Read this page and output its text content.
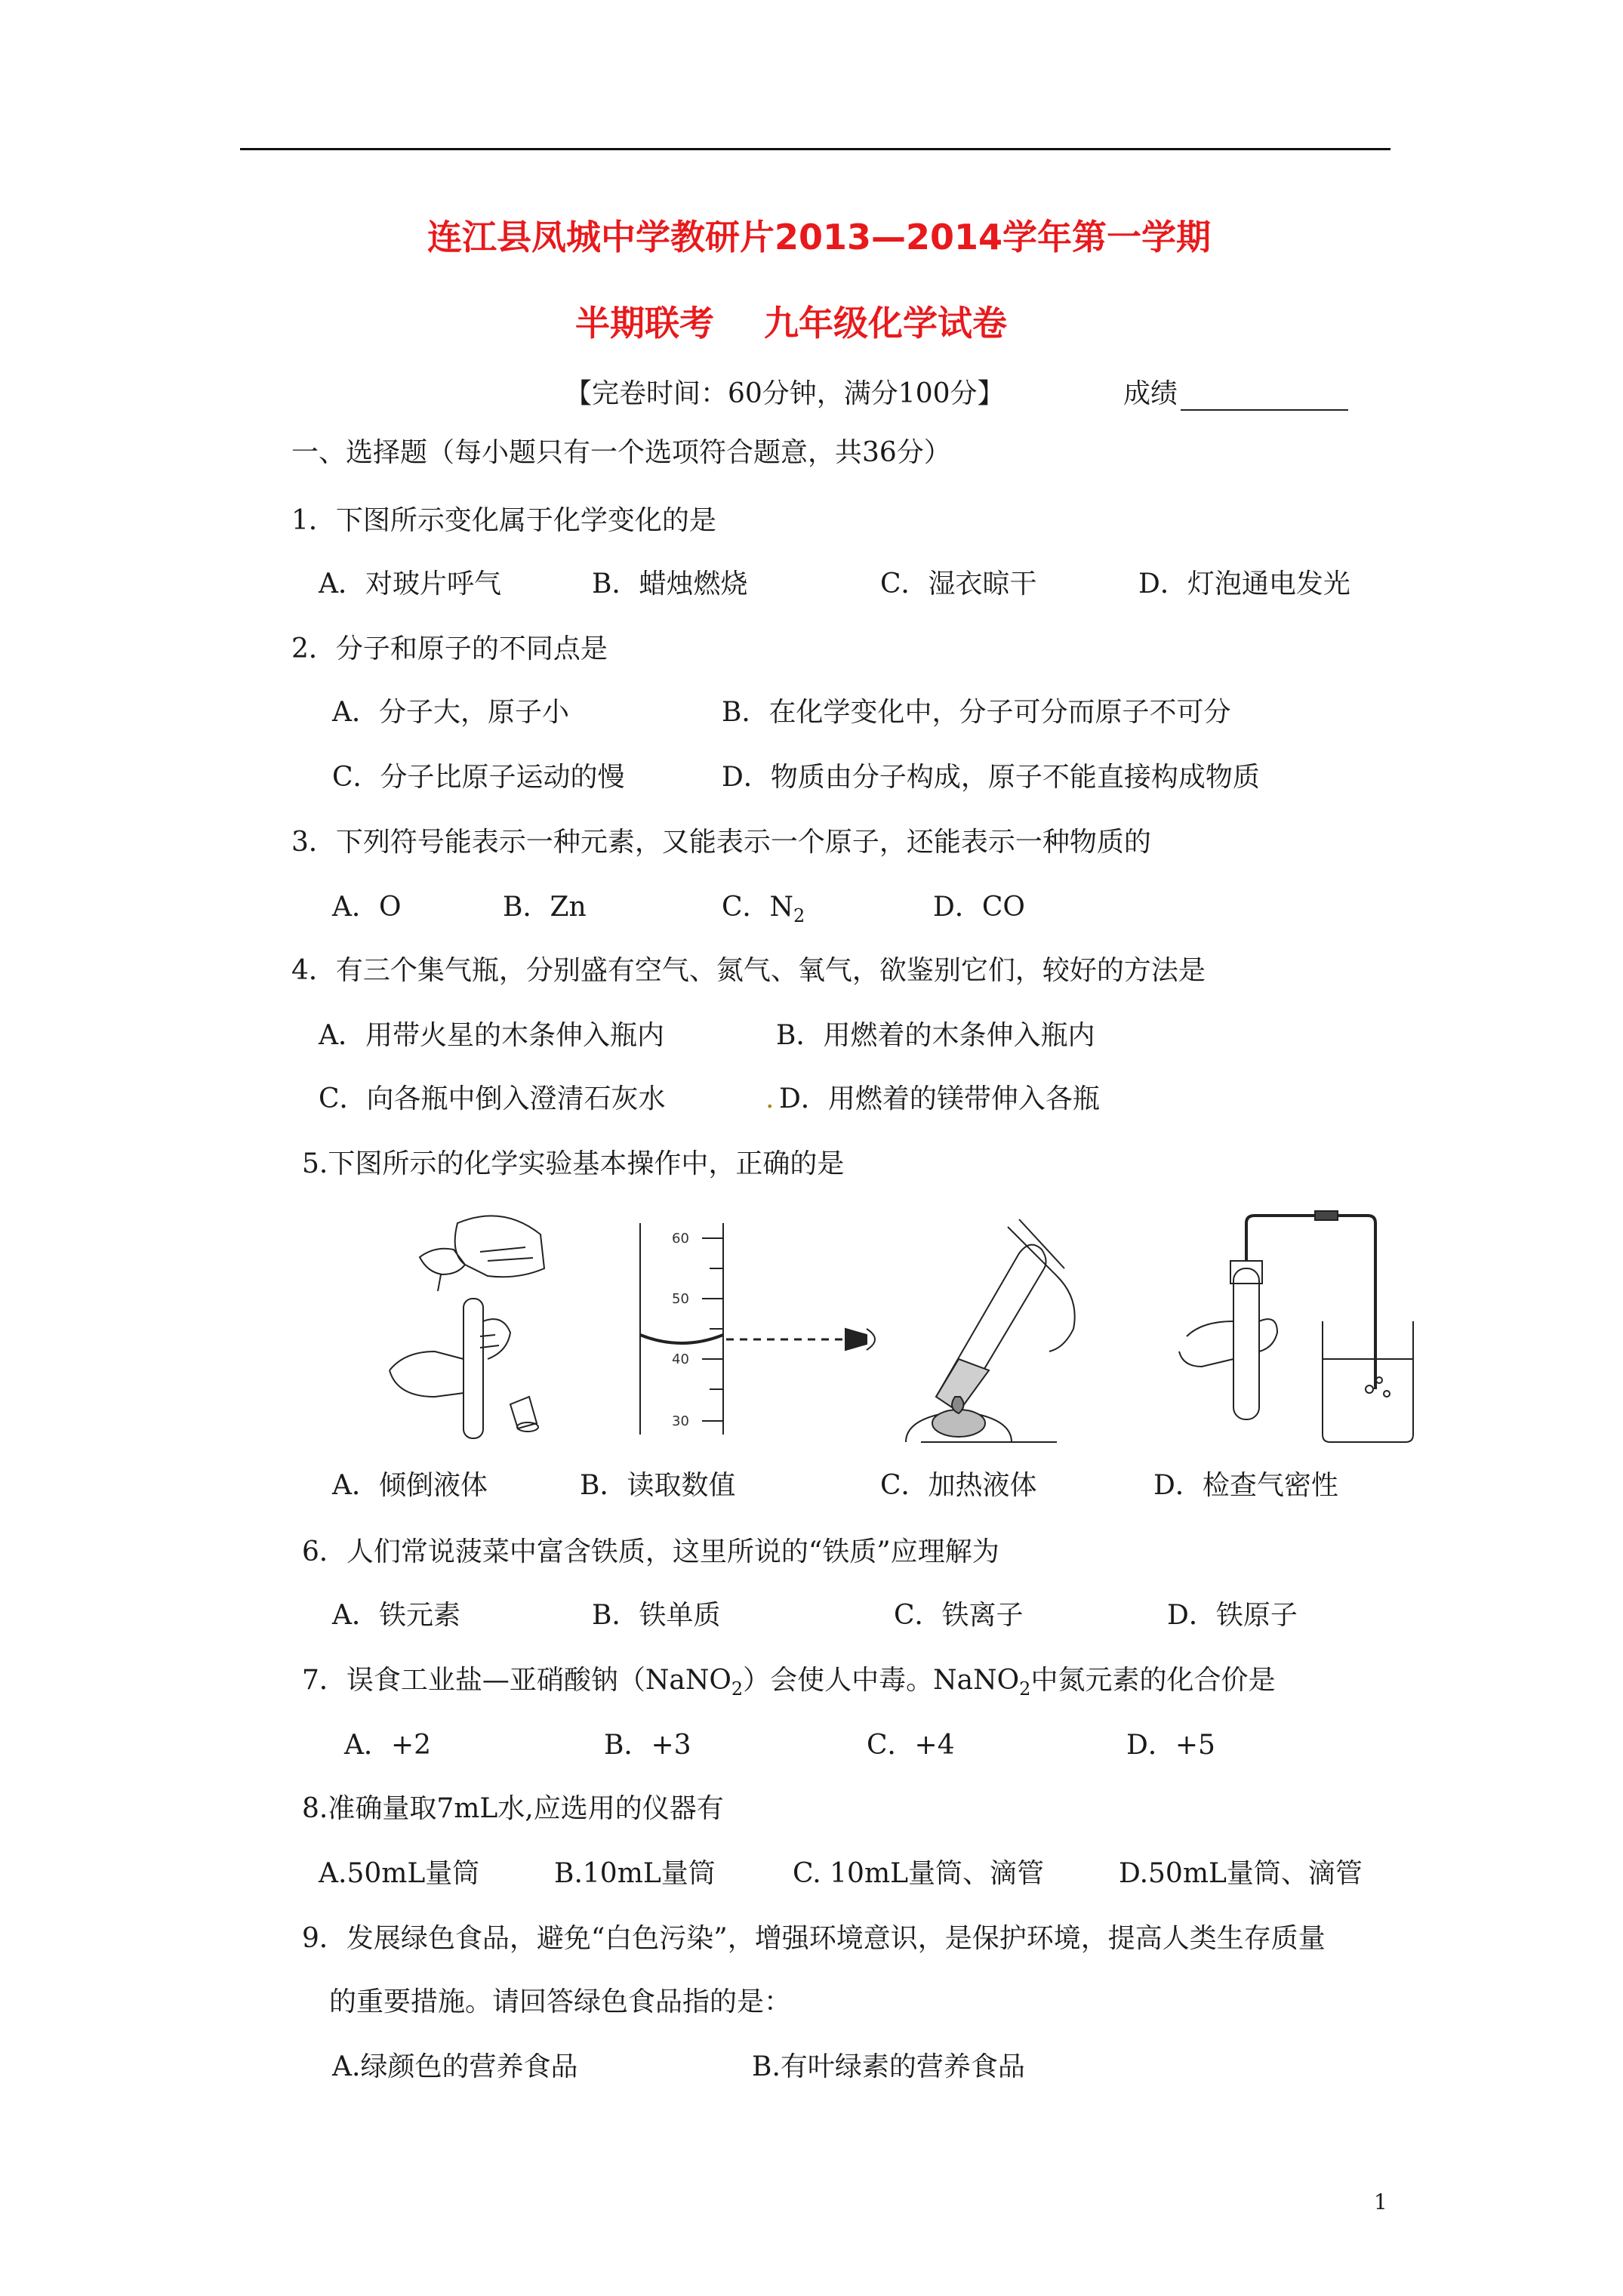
连江县凤城中学教研片2013—2014学年第一学期
半期联考 九年级化学试卷
【完卷时间：60分钟，满分100分】	成绩
一、选择题（每小题只有一个选项符合题意，共36分）
1．下图所示变化属于化学变化的是
A．对玻片呼气	B．蜡烛燃烧	C．湿衣晾干	D．灯泡通电发光
2．分子和原子的不同点是
A．分子大，原子小	B．在化学变化中，分子可分而原子不可分
C．分子比原子运动的慢	D．物质由分子构成，原子不能直接构成物质
3．下列符号能表示一种元素，又能表示一个原子，还能表示一种物质的
A．O	B．Zn	C．$N_2$	D．CO
4．有三个集气瓶，分别盛有空气、氮气、氧气，欲鉴别它们，较好的方法是
A．用带火星的木条伸入瓶内	B．用燃着的木条伸入瓶内
C．向各瓶中倒入澄清石灰水	. D．用燃着的镁带伸入各瓶
5.下图所示的化学实验基本操作中，正确的是
60
50
40
30
A．倾倒液体	B．读取数值	C．加热液体	D．检查气密性
6．人们常说菠菜中富含铁质，这里所说的“铁质”应理解为
A．铁元素	B．铁单质	C．铁离子	D．铁原子
7．误食工业盐—亚硝酸钠（NaNO$_2$）会使人中毒。NaNO$_2$中氮元素的化合价是
A．+2	B．+3	C．+4	D．+5
8.准确量取7mL水,应选用的仪器有
A.50mL量筒	B.10mL量筒	C. 10mL量筒、滴管	D.50mL量筒、滴管
9．发展绿色食品，避免“白色污染”，增强环境意识，是保护环境，提高人类生存质量
的重要措施。请回答绿色食品指的是：
A.绿颜色的营养食品	B.有叶绿素的营养食品
1
